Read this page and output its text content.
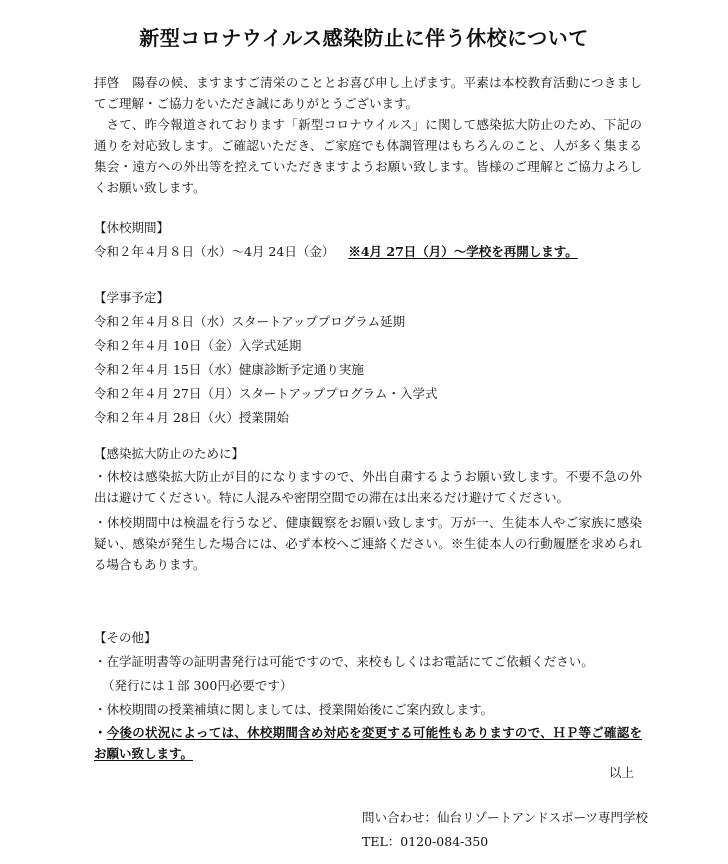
新型コロナウイルス感染防止に伴う休校について

拝啓　陽春の候、ますますご清栄のこととお喜び申し上げます。平素は本校教育活動につきましてご理解・ご協力をいただき誠にありがとうございます。

さて、昨今報道されております「新型コロナウイルス」に関して感染拡大防止のため、下記の通りを対応致します。ご確認いただき、ご家庭でも体調管理はもちろんのこと、人が多く集まる集会・遠方への外出等を控えていただきますようお願い致します。皆様のご理解とご協力よろしくお願い致します。

【休校期間】

令和２年４月８日（水）～4月 24日（金） ※4月 27日（月）～学校を再開します。

【学事予定】

令和２年４月８日（水）スタートアッププログラム延期

令和２年４月 10日（金）入学式延期

令和２年４月 15日（水）健康診断予定通り実施

令和２年４月 27日（月）スタートアッププログラム・入学式

令和２年４月 28日（火）授業開始

【感染拡大防止のために】

・休校は感染拡大防止が目的になりますので、外出自粛するようお願い致します。不要不急の外出は避けてください。特に人混みや密閉空間での滞在は出来るだけ避けてください。

・休校期間中は検温を行うなど、健康観察をお願い致します。万が一、生徒本人やご家族に感染疑い、感染が発生した場合には、必ず本校へご連絡ください。※生徒本人の行動履歴を求められる場合もあります。

【その他】

・在学証明書等の証明書発行は可能ですので、来校もしくはお電話にてご依頼ください。

（発行には１部 300円必要です）

・休校期間の授業補填に関しましては、授業開始後にご案内致します。

・今後の状況によっては、休校期間含め対応を変更する可能性もありますので、ＨＰ等ご確認をお願い致します。

以上
問い合わせ：仙台リゾートアンドスポーツ専門学校
TEL：0120-084-350
